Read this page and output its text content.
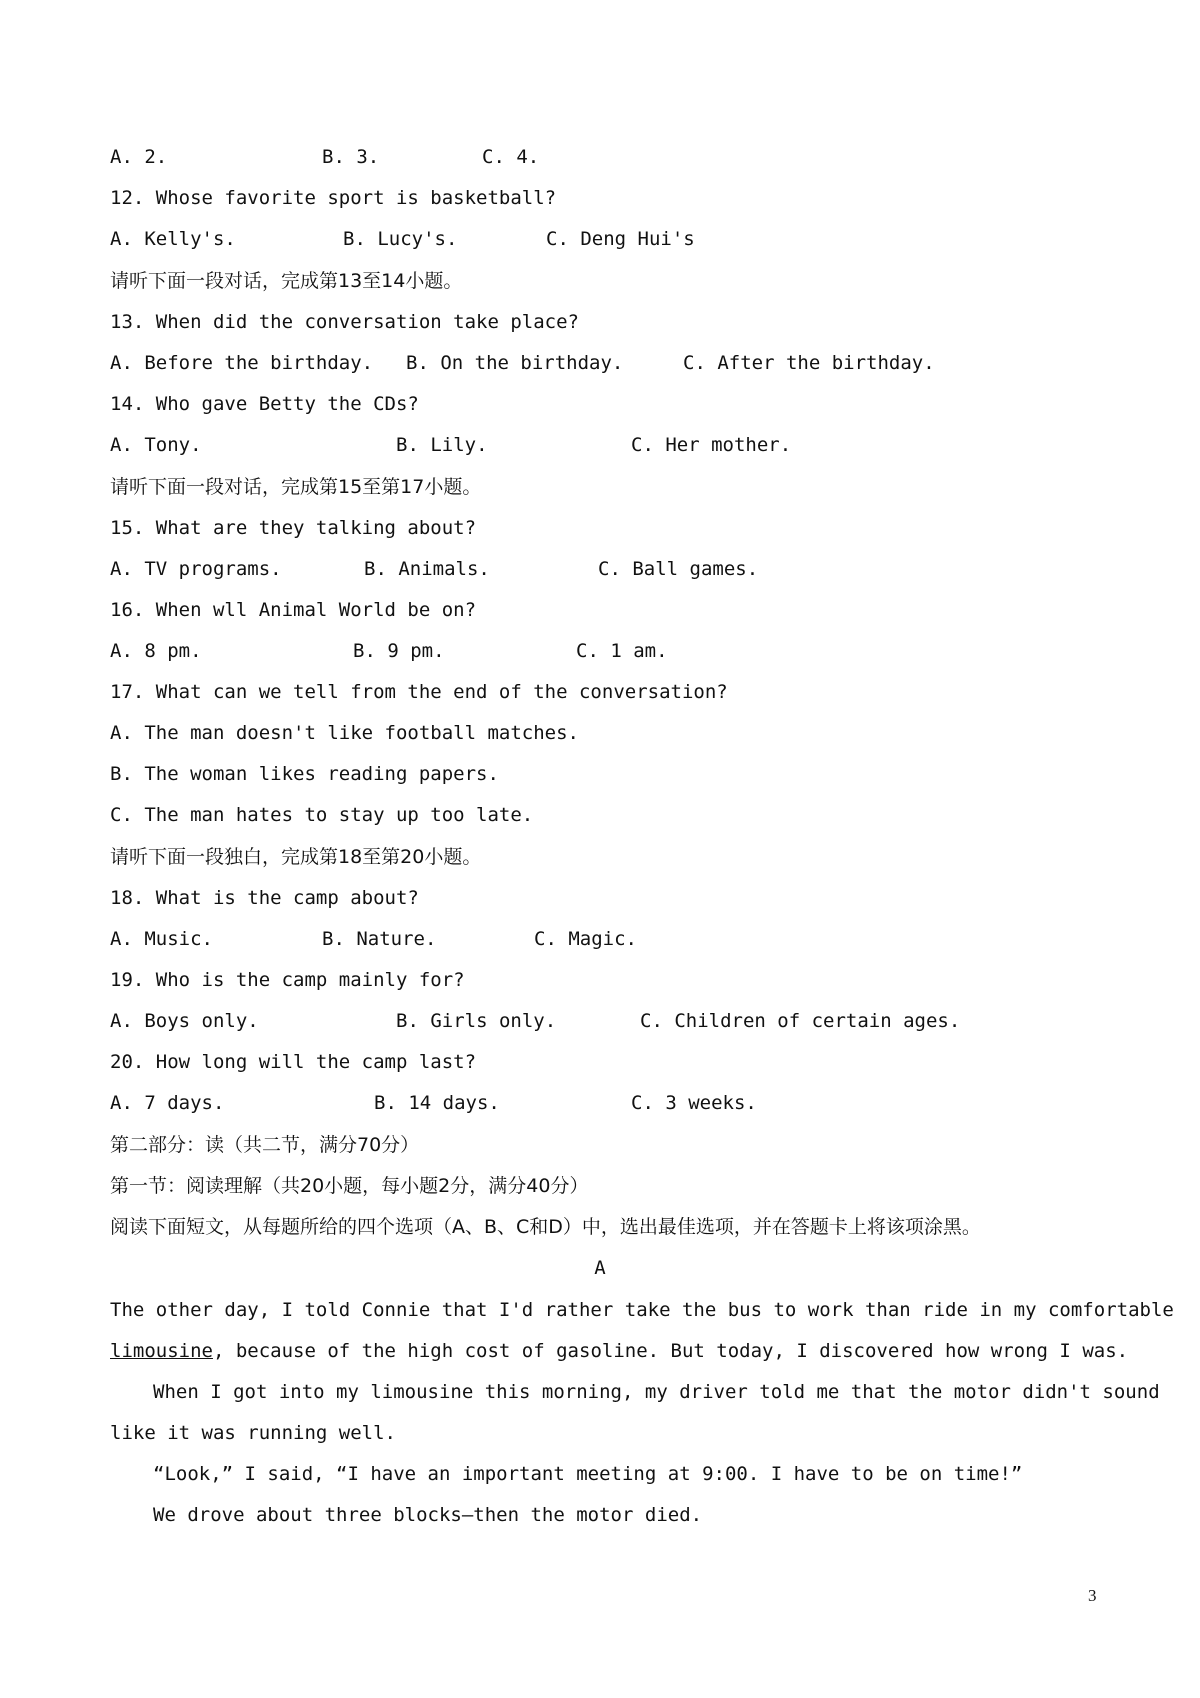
A. 2.	B. 3.	C. 4.
12. Whose favorite sport is basketball?
A. Kelly's.	B. Lucy's.	C. Deng Hui's
请听下面一段对话，完成第13至14小题。
13. When did the conversation take place?
A. Before the birthday. B. On the birthday.	C. After the birthday.
14. Who gave Betty the CDs?
A. Tony.	B. Lily.	C. Her mother.
请听下面一段对话，完成第15至第17小题。
15. What are they talking about?
A. TV programs.	B. Animals.	C. Ball games.
16. When wll Animal World be on?
A. 8 pm.	B. 9 pm.	C. 1 am.
17. What can we tell from the end of the conversation?
A. The man doesn't like football matches.
B. The woman likes reading papers.
C. The man hates to stay up too late.
请听下面一段独白，完成第18至第20小题。
18. What is the camp about?
A. Music.	B. Nature.	C. Magic.
19. Who is the camp mainly for?
A. Boys only.	B. Girls only.	C. Children of certain ages.
20. How long will the camp last?
A. 7 days.	B. 14 days.	C. 3 weeks.
第二部分：读（共二节，满分70分）
第一节：阅读理解（共20小题，每小题2分，满分40分）
阅读下面短文，从每题所给的四个选项（A、B、C和D）中，选出最佳选项，并在答题卡上将该项涂黑。
A
The other day, I told Connie that I'd rather take the bus to work than ride in my comfortable
limousine, because of the high cost of gasoline. But today, I discovered how wrong I was.
When I got into my limousine this morning, my driver told me that the motor didn't sound
like it was running well.
“Look,” I said, “I have an important meeting at 9:00. I have to be on time!”
We drove about three blocks—then the motor died.
3
